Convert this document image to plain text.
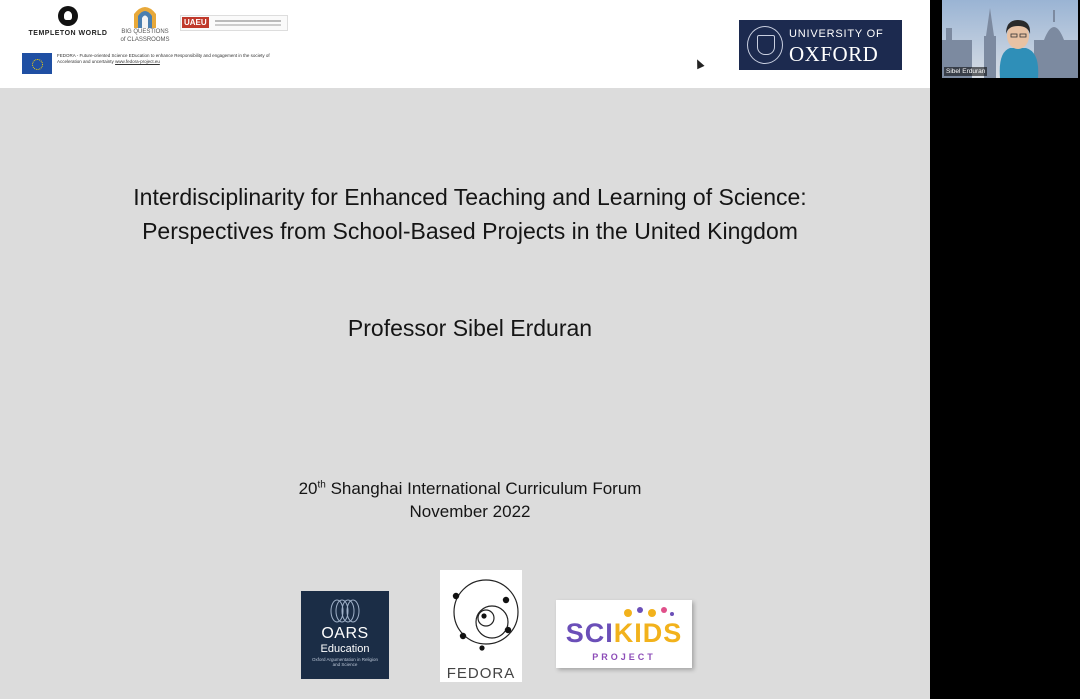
TEMPLETON WORLD	BIG QUESTIONS
of CLASSROOMS
UAEU
FEDORA - Future-oriented Science EDucation to enhance Responsibility and engagement in the society of Acceleration and uncertainty www.fedora-project.eu
UNIVERSITY OF
OXFORD
Interdisciplinarity for Enhanced Teaching and Learning of Science:
Perspectives from School-Based Projects in the United Kingdom
Professor Sibel Erduran
20th Shanghai International Curriculum Forum
November 2022
OARS
Education
Oxford Argumentation in Religion and Science
FEDORA
SCIKIDS
PROJECT
Sibel Erduran
